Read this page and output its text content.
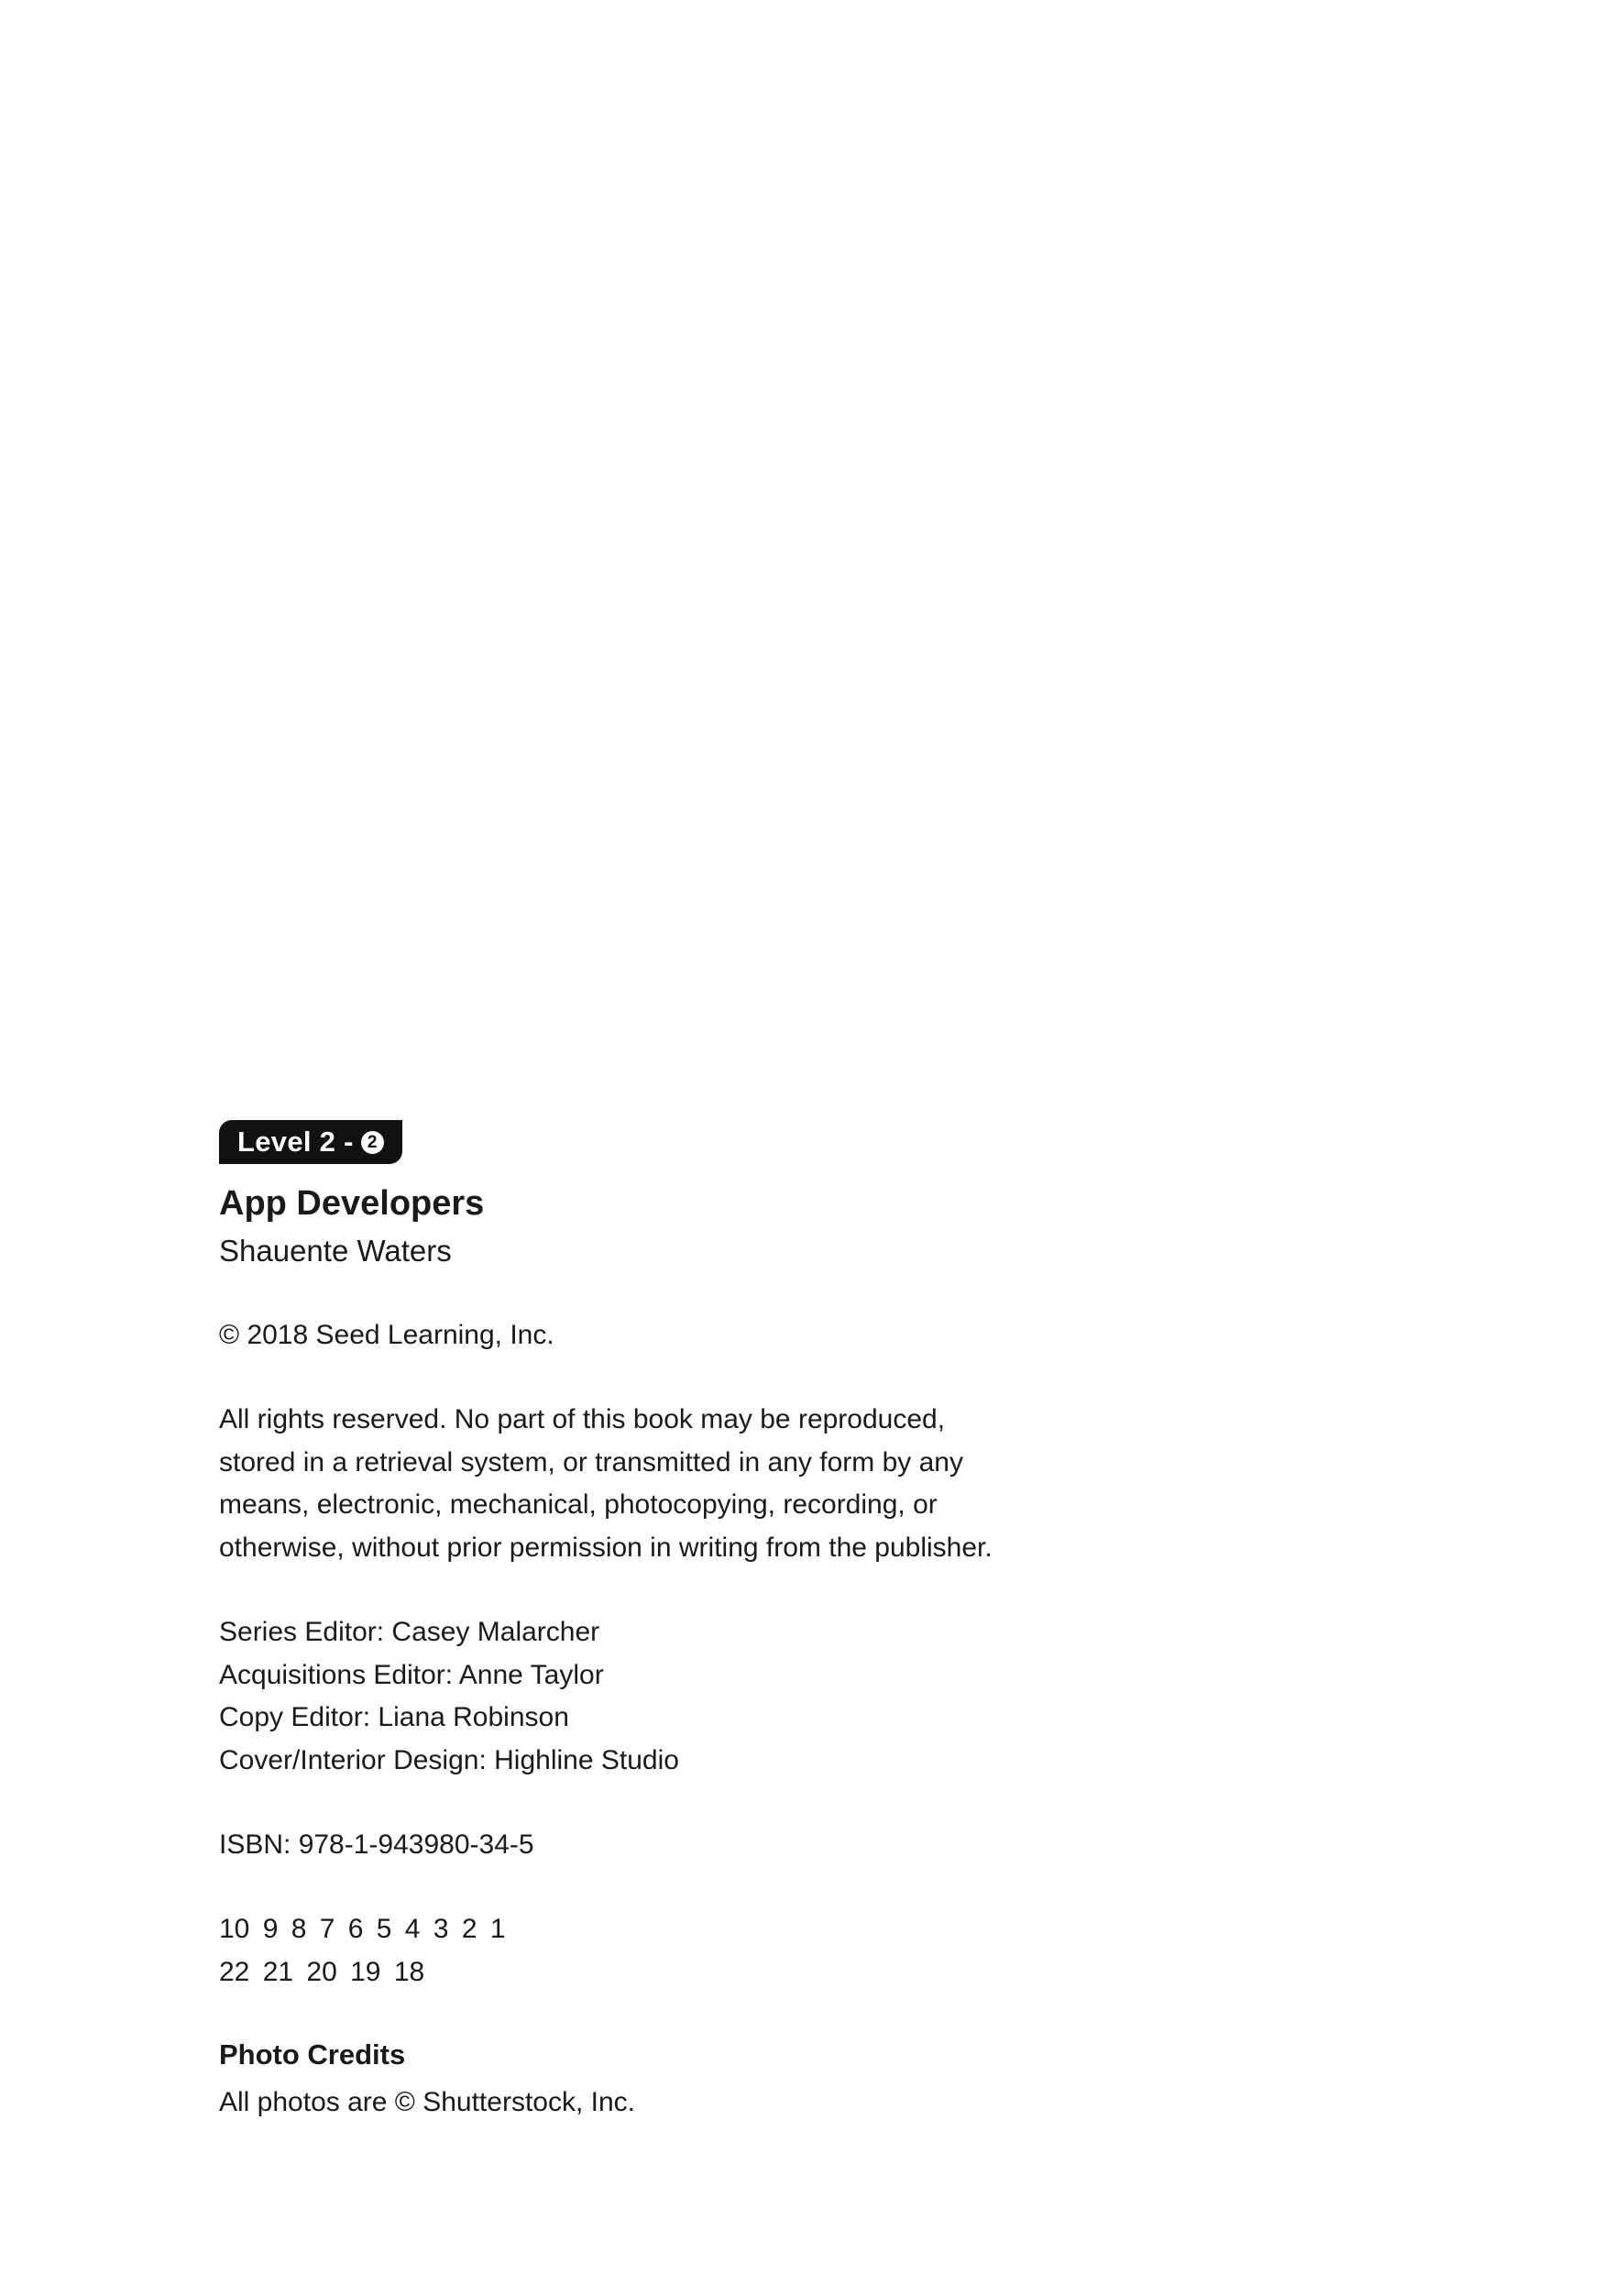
Level 2 - 2
App Developers
Shauente Waters
© 2018 Seed Learning, Inc.
All rights reserved. No part of this book may be reproduced,
stored in a retrieval system, or transmitted in any form by any
means, electronic, mechanical, photocopying, recording, or
otherwise, without prior permission in writing from the publisher.
Series Editor: Casey Malarcher
Acquisitions Editor: Anne Taylor
Copy Editor: Liana Robinson
Cover/Interior Design: Highline Studio
ISBN: 978-1-943980-34-5
10 9 8 7 6 5 4 3 2 1
22 21 20 19 18
Photo Credits
All photos are © Shutterstock, Inc.
